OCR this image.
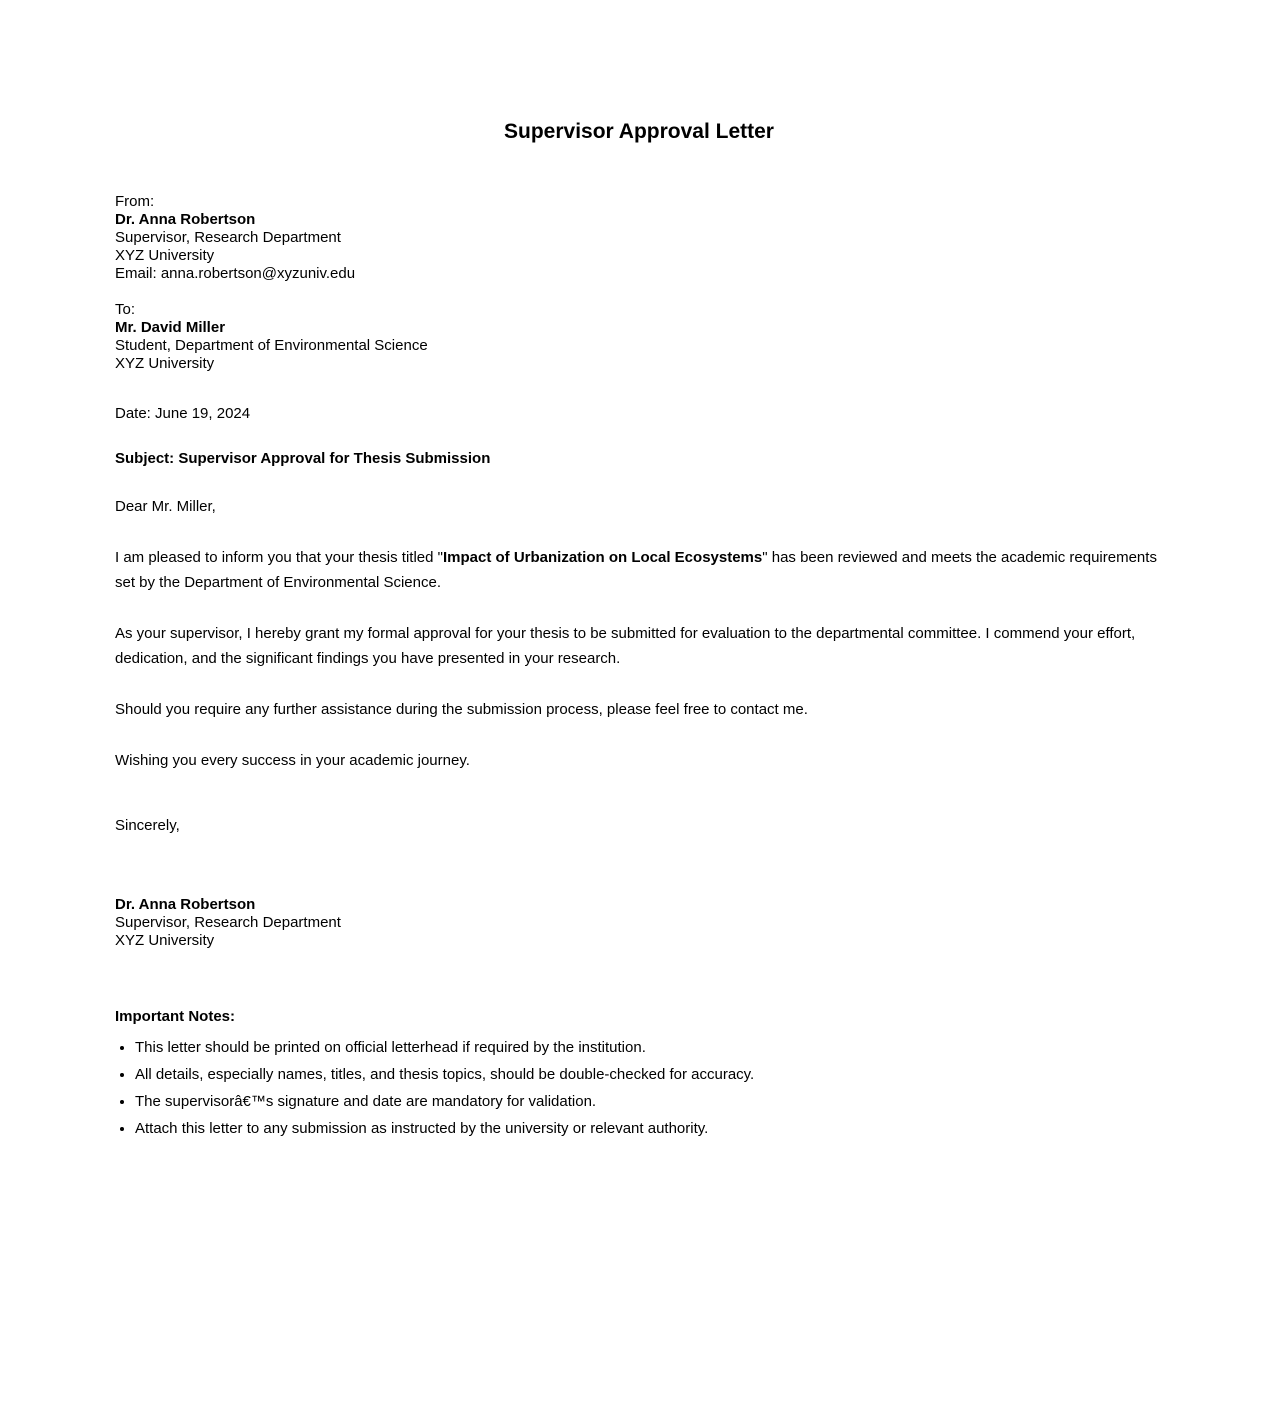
Supervisor Approval Letter
From:
Dr. Anna Robertson
Supervisor, Research Department
XYZ University
Email: anna.robertson@xyzuniv.edu
To:
Mr. David Miller
Student, Department of Environmental Science
XYZ University
Date: June 19, 2024
Subject: Supervisor Approval for Thesis Submission

Dear Mr. Miller,

I am pleased to inform you that your thesis titled "Impact of Urbanization on Local Ecosystems" has been reviewed and meets the academic requirements set by the Department of Environmental Science.

As your supervisor, I hereby grant my formal approval for your thesis to be submitted for evaluation to the departmental committee. I commend your effort, dedication, and the significant findings you have presented in your research.

Should you require any further assistance during the submission process, please feel free to contact me.

Wishing you every success in your academic journey.

Sincerely,

Dr. Anna Robertson
Supervisor, Research Department
XYZ University
Important Notes:
• This letter should be printed on official letterhead if required by the institution.
• All details, especially names, titles, and thesis topics, should be double-checked for accuracy.
• The supervisorâ€™s signature and date are mandatory for validation.
• Attach this letter to any submission as instructed by the university or relevant authority.
